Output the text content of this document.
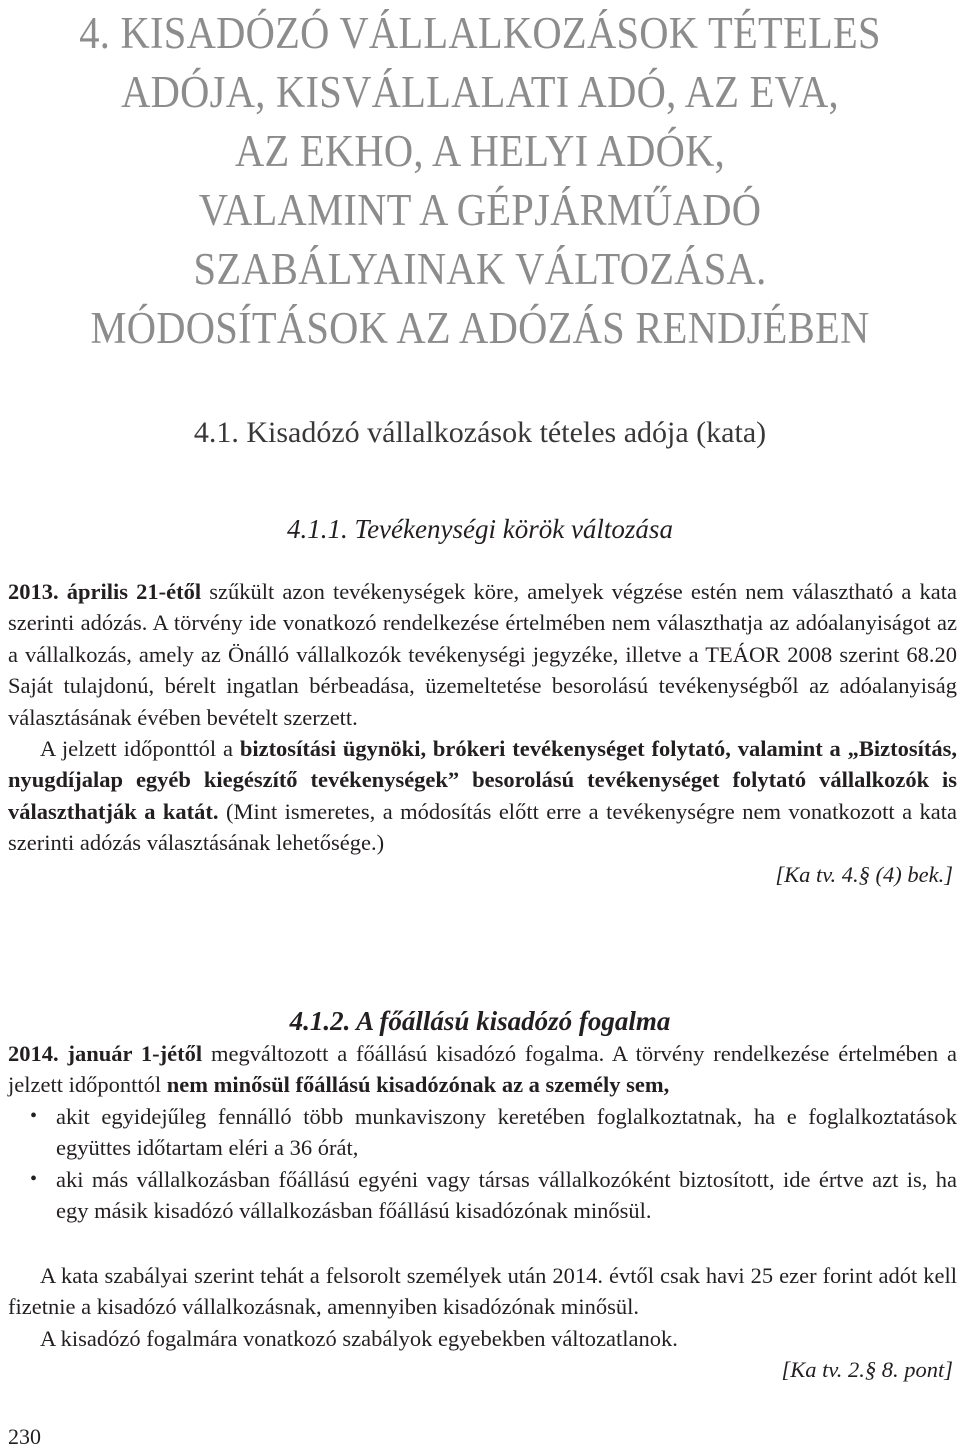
4. KISADÓZÓ VÁLLALKOZÁSOK TÉTELES
ADÓJA, KISVÁLLALATI ADÓ, AZ EVA,
AZ EKHO, A HELYI ADÓK,
VALAMINT A GÉPJÁRMŰADÓ
SZABÁLYAINAK VÁLTOZÁSA.
MÓDOSÍTÁSOK AZ ADÓZÁS RENDJÉBEN
4.1. Kisadózó vállalkozások tételes adója (kata)
4.1.1. Tevékenységi körök változása

2013. április 21-étől szűkült azon tevékenységek köre, amelyek végzése estén nem választható a kata szerinti adózás. A törvény ide vonatkozó rendelkezése értelmében nem választhatja az adóalanyiságot az a vállalkozás, amely az Önálló vállalkozók tevékenységi jegyzéke, illetve a TEÁOR 2008 szerint 68.20 Saját tulajdonú, bérelt ingatlan bérbeadása, üzemeltetése besorolású tevékenységből az adóalanyiság választásának évében bevételt szerzett.

A jelzett időponttól a biztosítási ügynöki, brókeri tevékenységet folytató, valamint a „Biztosítás, nyugdíjalap egyéb kiegészítő tevékenységek” besorolású tevékenységet folytató vállalkozók is választhatják a katát. (Mint ismeretes, a módosítás előtt erre a tevékenységre nem vonatkozott a kata szerinti adózás választásának lehetősége.)

[Ka tv. 4.§ (4) bek.]

4.1.2. A főállású kisadózó fogalma

2014. január 1-jétől megváltozott a főállású kisadózó fogalma. A törvény rendelkezése értelmében a jelzett időponttól nem minősül főállású kisadózónak az a személy sem,

• akit egyidejűleg fennálló több munkaviszony keretében foglalkoztatnak, ha e foglalkoztatások együttes időtartam eléri a 36 órát,
• aki más vállalkozásban főállású egyéni vagy társas vállalkozóként biztosított, ide értve azt is, ha egy másik kisadózó vállalkozásban főállású kisadózónak minősül.

A kata szabályai szerint tehát a felsorolt személyek után 2014. évtől csak havi 25 ezer forint adót kell fizetnie a kisadózó vállalkozásnak, amennyiben kisadózónak minősül.

A kisadózó fogalmára vonatkozó szabályok egyebekben változatlanok.

[Ka tv. 2.§ 8. pont]

230
